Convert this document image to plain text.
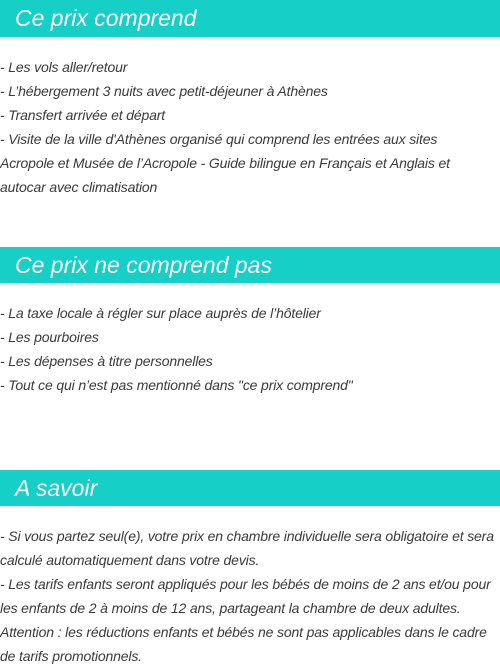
Ce prix comprend
- Les vols aller/retour
- L’hébergement 3 nuits avec petit-déjeuner à Athènes
- Transfert arrivée et départ
- Visite de la ville d'Athènes organisé qui comprend les entrées aux sites Acropole et Musée de l’Acropole - Guide bilingue en Français et Anglais et autocar avec climatisation
Ce prix ne comprend pas
- La taxe locale à régler sur place auprès de l’hôtelier
- Les pourboires
- Les dépenses à titre personnelles
- Tout ce qui n’est pas mentionné dans "ce prix comprend"
A savoir
- Si vous partez seul(e), votre prix en chambre individuelle sera obligatoire et sera calculé automatiquement dans votre devis.
- Les tarifs enfants seront appliqués pour les bébés de moins de 2 ans et/ou pour les enfants de 2 à moins de 12 ans, partageant la chambre de deux adultes.
Attention : les réductions enfants et bébés ne sont pas applicables dans le cadre de tarifs promotionnels.
